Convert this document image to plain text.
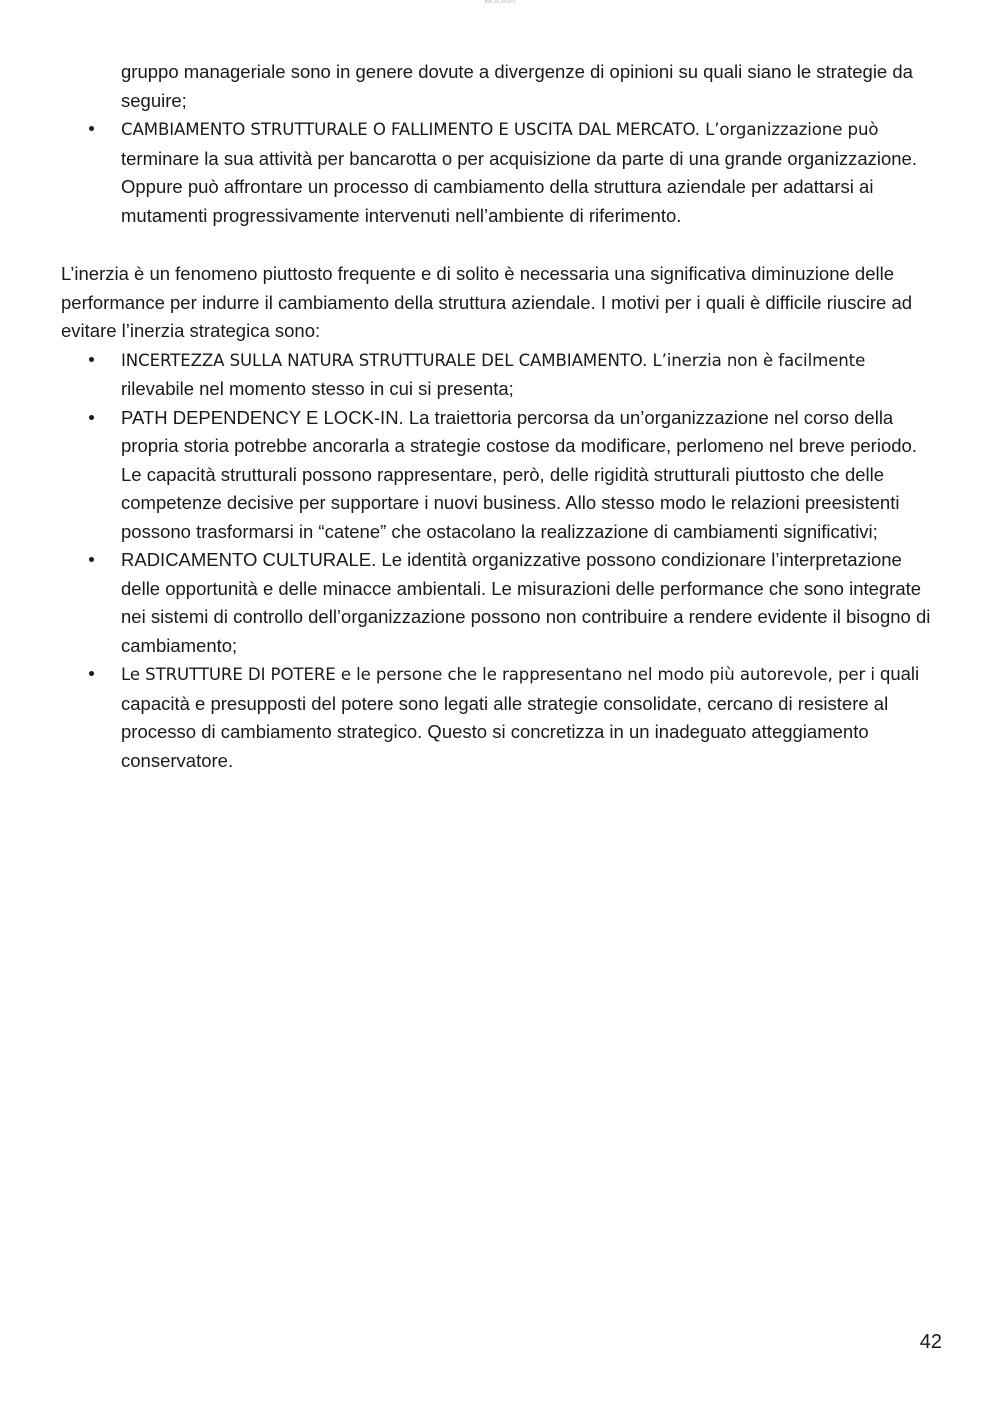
BACKDROPS
gruppo manageriale sono in genere dovute a divergenze di opinioni su quali siano le strategie da seguire;
CAMBIAMENTO STRUTTURALE O FALLIMENTO E USCITA DAL MERCATO. L’organizzazione può terminare la sua attività per bancarotta o per acquisizione da parte di una grande organizzazione. Oppure può affrontare un processo di cambiamento della struttura aziendale per adattarsi ai mutamenti progressivamente intervenuti nell’ambiente di riferimento.

L’inerzia è un fenomeno piuttosto frequente e di solito è necessaria una significativa diminuzione delle performance per indurre il cambiamento della struttura aziendale. I motivi per i quali è difficile riuscire ad evitare l’inerzia strategica sono:

INCERTEZZA SULLA NATURA STRUTTURALE DEL CAMBIAMENTO. L’inerzia non è facilmente rilevabile nel momento stesso in cui si presenta;
PATH DEPENDENCY E LOCK-IN. La traiettoria percorsa da un’organizzazione nel corso della propria storia potrebbe ancorarla a strategie costose da modificare, perlomeno nel breve periodo. Le capacità strutturali possono rappresentare, però, delle rigidità strutturali piuttosto che delle competenze decisive per supportare i nuovi business. Allo stesso modo le relazioni preesistenti possono trasformarsi in “catene” che ostacolano la realizzazione di cambiamenti significativi;
RADICAMENTO CULTURALE. Le identità organizzative possono condizionare l’interpretazione delle opportunità e delle minacce ambientali. Le misurazioni delle performance che sono integrate nei sistemi di controllo dell’organizzazione possono non contribuire a rendere evidente il bisogno di cambiamento;
Le STRUTTURE DI POTERE e le persone che le rappresentano nel modo più autorevole, per i quali capacità e presupposti del potere sono legati alle strategie consolidate, cercano di resistere al processo di cambiamento strategico. Questo si concretizza in un inadeguato atteggiamento conservatore.
42
